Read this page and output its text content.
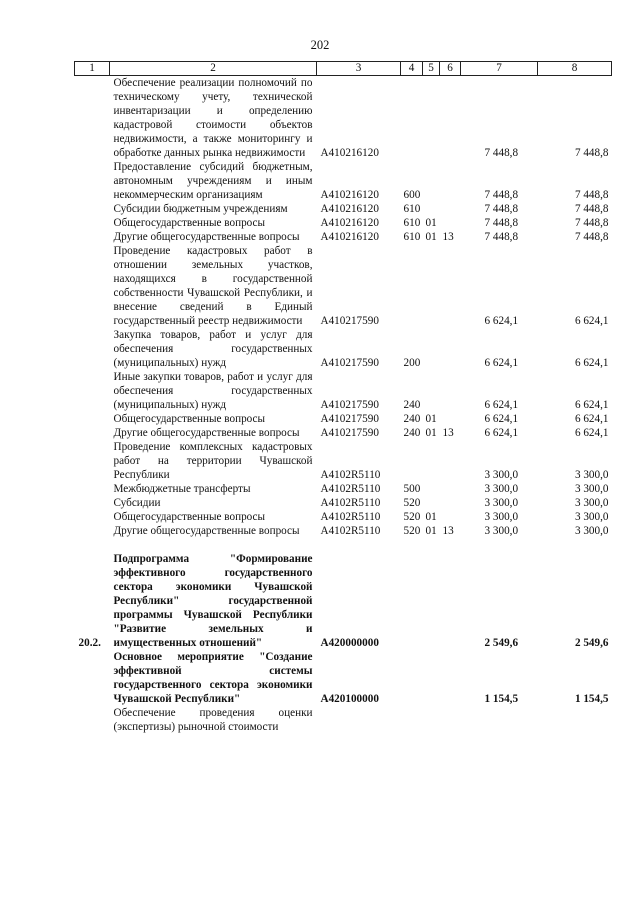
202
1	2	3	4	5	6	7	8
	Обеспечение реализации полномочий по техническому учету, технической инвентаризации и определению кадастровой стоимости объектов недвижимости, а также мониторингу и обработке данных рынка недвижимости	А410216120				7 448,8	7 448,8
	Предоставление субсидий бюджетным, автономным учреждениям и иным некоммерческим организациям	А410216120	600			7 448,8	7 448,8
	Субсидии бюджетным учреждениям	А410216120	610			7 448,8	7 448,8
	Общегосударственные вопросы	А410216120	610	01		7 448,8	7 448,8
	Другие общегосударственные вопросы	А410216120	610	01	13	7 448,8	7 448,8
	Проведение кадастровых работ в отношении земельных участков, находящихся в государственной собственности Чувашской Республики, и внесение сведений в Единый государственный реестр недвижимости	А410217590				6 624,1	6 624,1
	Закупка товаров, работ и услуг для обеспечения государственных (муниципальных) нужд	А410217590	200			6 624,1	6 624,1
	Иные закупки товаров, работ и услуг для обеспечения государственных (муниципальных) нужд	А410217590	240			6 624,1	6 624,1
	Общегосударственные вопросы	А410217590	240	01		6 624,1	6 624,1
	Другие общегосударственные вопросы	А410217590	240	01	13	6 624,1	6 624,1
	Проведение комплексных кадастровых работ на территории Чувашской Республики	А4102R5110				3 300,0	3 300,0
	Межбюджетные трансферты	А4102R5110	500			3 300,0	3 300,0
	Субсидии	А4102R5110	520			3 300,0	3 300,0
	Общегосударственные вопросы	А4102R5110	520	01		3 300,0	3 300,0
	Другие общегосударственные вопросы	А4102R5110	520	01	13	3 300,0	3 300,0

20.2.	Подпрограмма "Формирование эффективного государственного сектора экономики Чувашской Республики" государственной программы Чувашской Республики "Развитие земельных и имущественных отношений"	А420000000				2 549,6	2 549,6
	Основное мероприятие "Создание эффективной системы государственного сектора экономики Чувашской Республики"	А420100000				1 154,5	1 154,5

	Обеспечение проведения оценки (экспертизы) рыночной стоимости						
